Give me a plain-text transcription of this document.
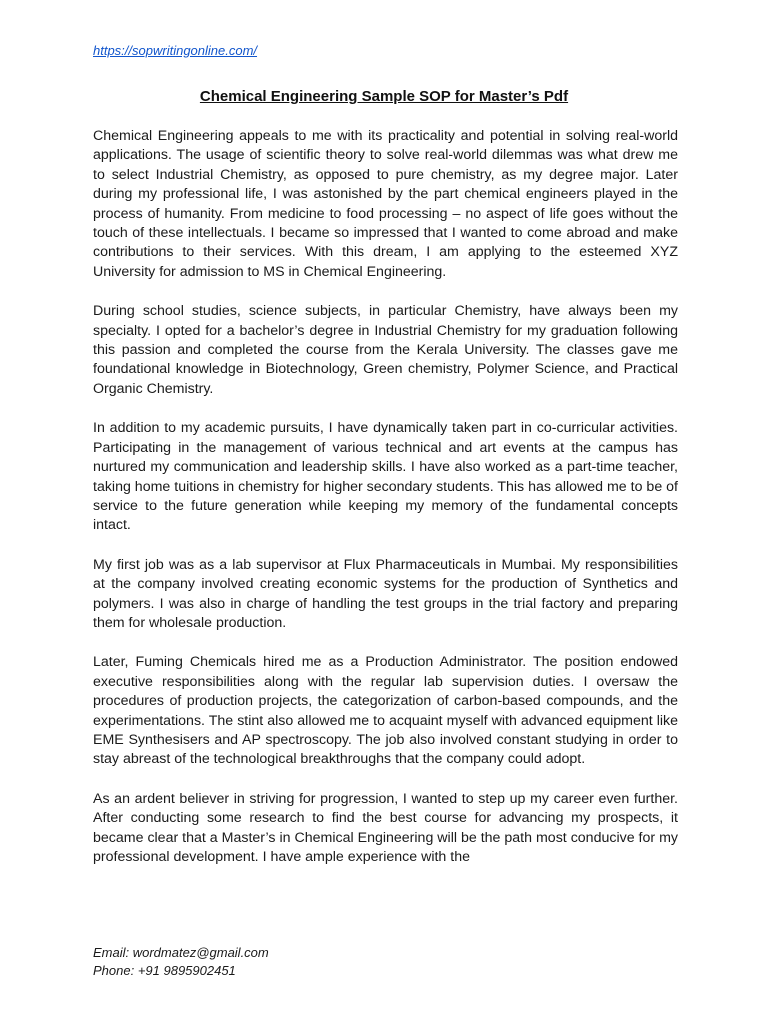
https://sopwritingonline.com/
Chemical Engineering Sample SOP for Master’s Pdf

Chemical Engineering appeals to me with its practicality and potential in solving real-world applications. The usage of scientific theory to solve real-world dilemmas was what drew me to select Industrial Chemistry, as opposed to pure chemistry, as my degree major. Later during my professional life, I was astonished by the part chemical engineers played in the process of humanity. From medicine to food processing – no aspect of life goes without the touch of these intellectuals. I became so impressed that I wanted to come abroad and make contributions to their services. With this dream, I am applying to the esteemed XYZ University for admission to MS in Chemical Engineering.

During school studies, science subjects, in particular Chemistry, have always been my specialty. I opted for a bachelor’s degree in Industrial Chemistry for my graduation following this passion and completed the course from the Kerala University. The classes gave me foundational knowledge in Biotechnology, Green chemistry, Polymer Science, and Practical Organic Chemistry.

In addition to my academic pursuits, I have dynamically taken part in co-curricular activities. Participating in the management of various technical and art events at the campus has nurtured my communication and leadership skills. I have also worked as a part-time teacher, taking home tuitions in chemistry for higher secondary students. This has allowed me to be of service to the future generation while keeping my memory of the fundamental concepts intact.

My first job was as a lab supervisor at Flux Pharmaceuticals in Mumbai. My responsibilities at the company involved creating economic systems for the production of Synthetics and polymers. I was also in charge of handling the test groups in the trial factory and preparing them for wholesale production.

Later, Fuming Chemicals hired me as a Production Administrator. The position endowed executive responsibilities along with the regular lab supervision duties. I oversaw the procedures of production projects, the categorization of carbon-based compounds, and the experimentations. The stint also allowed me to acquaint myself with advanced equipment like EME Synthesisers and AP spectroscopy. The job also involved constant studying in order to stay abreast of the technological breakthroughs that the company could adopt.

As an ardent believer in striving for progression, I wanted to step up my career even further. After conducting some research to find the best course for advancing my prospects, it became clear that a Master’s in Chemical Engineering will be the path most conducive for my professional development. I have ample experience with the

Email: wordmatez@gmail.com
Phone: +91 9895902451
